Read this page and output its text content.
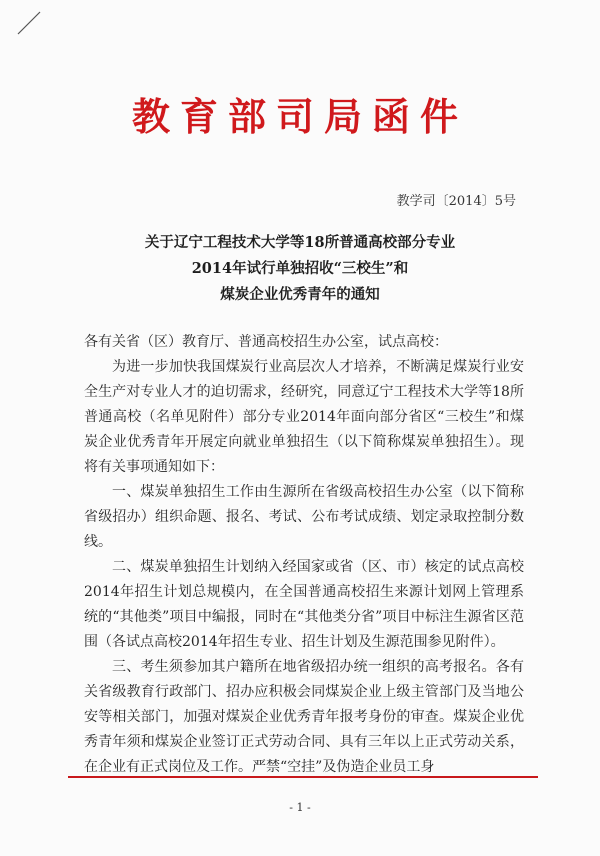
教育部司局函件
教学司〔2014〕5号
关于辽宁工程技术大学等18所普通高校部分专业
2014年试行单独招收“三校生”和
煤炭企业优秀青年的通知

各有关省（区）教育厅、普通高校招生办公室，试点高校：

为进一步加快我国煤炭行业高层次人才培养，不断满足煤炭行业安全生产对专业人才的迫切需求，经研究，同意辽宁工程技术大学等18所普通高校（名单见附件）部分专业2014年面向部分省区“三校生”和煤炭企业优秀青年开展定向就业单独招生（以下简称煤炭单独招生）。现将有关事项通知如下：

一、煤炭单独招生工作由生源所在省级高校招生办公室（以下简称省级招办）组织命题、报名、考试、公布考试成绩、划定录取控制分数线。

二、煤炭单独招生计划纳入经国家或省（区、市）核定的试点高校2014年招生计划总规模内，在全国普通高校招生来源计划网上管理系统的“其他类”项目中编报，同时在“其他类分省”项目中标注生源省区范围（各试点高校2014年招生专业、招生计划及生源范围参见附件）。

三、考生须参加其户籍所在地省级招办统一组织的高考报名。各有关省级教育行政部门、招办应积极会同煤炭企业上级主管部门及当地公安等相关部门，加强对煤炭企业优秀青年报考身份的审查。煤炭企业优秀青年须和煤炭企业签订正式劳动合同、具有三年以上正式劳动关系，在企业有正式岗位及工作。严禁“空挂”及伪造企业员工身

- 1 -
